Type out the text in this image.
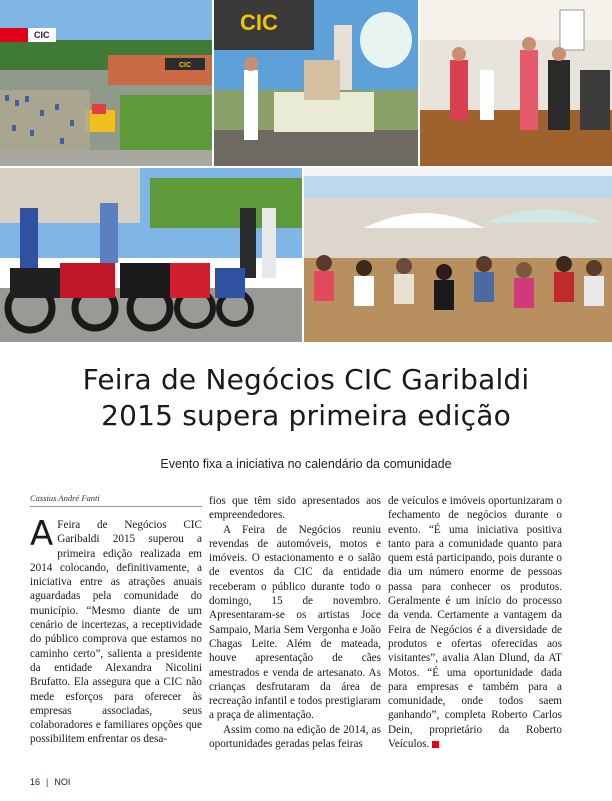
CIC
CIC	CIC
Feira de Negócios CIC Garibaldi
2015 supera primeira edição
Evento fixa a iniciativa no calendário da comunidade
Cassius André Fanti

A Feira de Negócios CIC Garibaldi 2015 superou a primeira edição realizada em 2014 colocando, definitivamente, a iniciativa entre as atrações anuais aguardadas pela comunidade do município. “Mesmo diante de um cenário de incertezas, a receptividade do público comprova que estamos no caminho certo”, salienta a presidente da entidade Alexandra Nicolini Brufatto. Ela assegura que a CIC não mede esforços para oferecer às empresas associadas, seus colaboradores e familiares opções que possibilitem enfrentar os desa-

fios que têm sido apresentados aos empreendedores.

A Feira de Negócios reuniu revendas de automóveis, motos e imóveis. O estacionamento e o salão de eventos da CIC da entidade receberam o público durante todo o domingo, 15 de novembro. Apresentaram-se os artistas Joce Sampaio, Maria Sem Vergonha e João Chagas Leite. Além de mateada, houve apresentação de cães amestrados e venda de artesanato. As crianças desfrutaram da área de recreação infantil e todos prestigiaram a praça de alimentação.

Assim como na edição de 2014, as oportunidades geradas pelas feiras

de veículos e imóveis oportunizaram o fechamento de negócios durante o evento. “É uma iniciativa positiva tanto para a comunidade quanto para quem está participando, pois durante o dia um número enorme de pessoas passa para conhecer os produtos. Geralmente é um início do processo da venda. Certamente a vantagem da Feira de Negócios é a diversidade de produtos e ofertas oferecidas aos visitantes”, avalia Alan Dlund, da AT Motos. “É uma oportunidade dada para empresas e também para a comunidade, onde todos saem ganhando”, completa Roberto Carlos Dein, proprietário da Roberto Veículos.

16 | NOI
